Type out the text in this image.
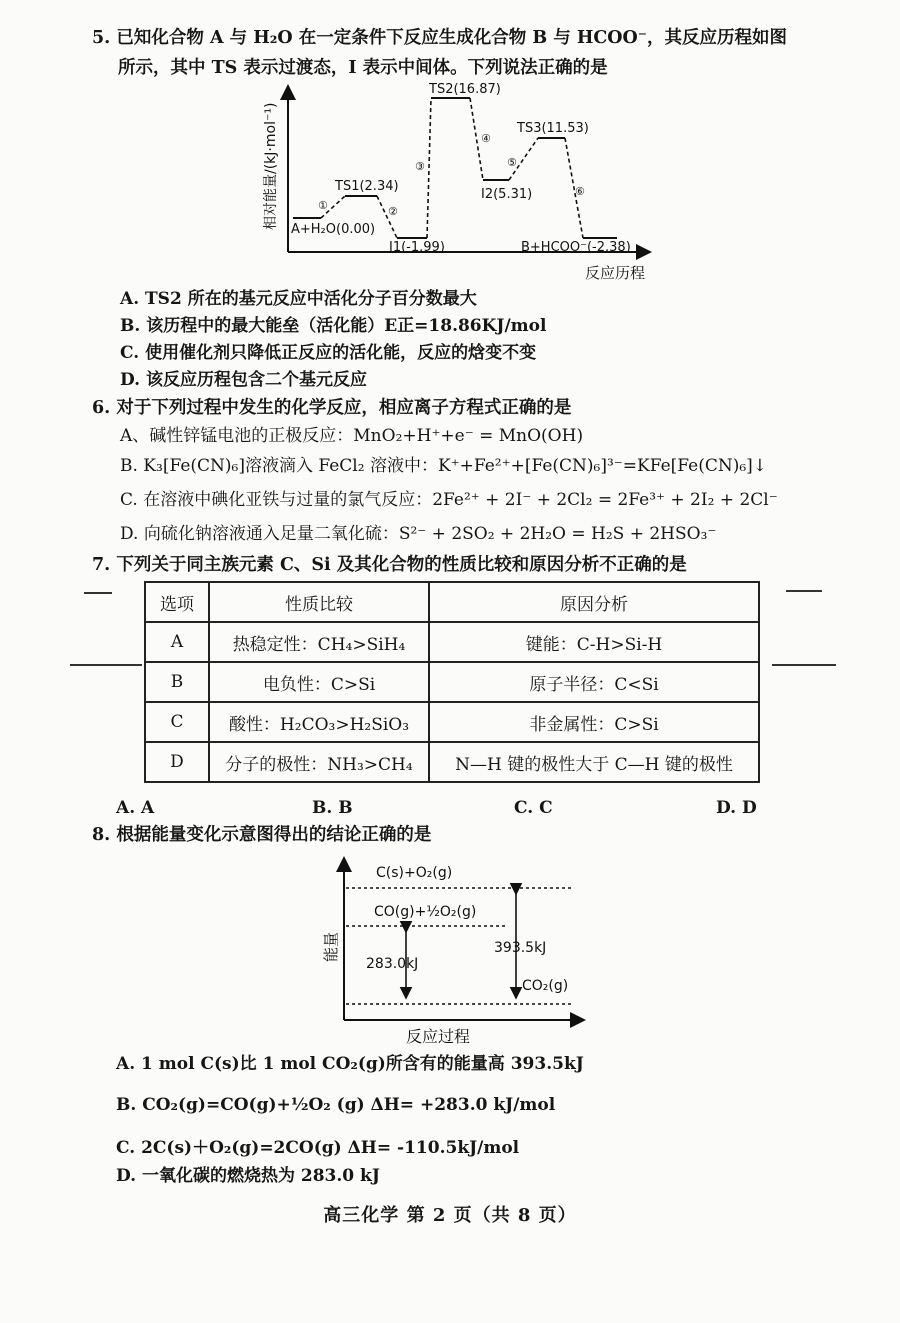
5. 已知化合物 A 与 H₂O 在一定条件下反应生成化合物 B 与 HCOO⁻，其反应历程如图
所示，其中 TS 表示过渡态，I 表示中间体。下列说法正确的是
相对能量/(kJ·mol⁻¹)
反应历程
A+H₂O(0.00)
TS1(2.34)
I1(-1.99)
TS2(16.87)
I2(5.31)
TS3(11.53)
B+HCOO⁻(-2.38)
①	②
③
④
⑤
⑥
A. TS2 所在的基元反应中活化分子百分数最大
B. 该历程中的最大能垒（活化能）E正=18.86KJ/mol
C. 使用催化剂只降低正反应的活化能，反应的焓变不变
D. 该反应历程包含二个基元反应
6. 对于下列过程中发生的化学反应，相应离子方程式正确的是
A、碱性锌锰电池的正极反应：MnO₂+H⁺+e⁻ = MnO(OH)
B. K₃[Fe(CN)₆]溶液滴入 FeCl₂ 溶液中：K⁺+Fe²⁺+[Fe(CN)₆]³⁻=KFe[Fe(CN)₆]↓
C. 在溶液中碘化亚铁与过量的氯气反应：2Fe²⁺ + 2I⁻ + 2Cl₂ = 2Fe³⁺ + 2I₂ + 2Cl⁻
D. 向硫化钠溶液通入足量二氧化硫：S²⁻ + 2SO₂ + 2H₂O = H₂S + 2HSO₃⁻
7. 下列关于同主族元素 C、Si 及其化合物的性质比较和原因分析不正确的是
选项	性质比较	原因分析
A	热稳定性：CH₄>SiH₄	键能：C-H>Si-H
B	电负性：C>Si	原子半径：C<Si
C	酸性：H₂CO₃>H₂SiO₃	非金属性：C>Si
D	分子的极性：NH₃>CH₄	N—H 键的极性大于 C—H 键的极性
A. A	B. B	C. C	D. D
8. 根据能量变化示意图得出的结论正确的是
能量
反应过程
C(s)+O₂(g)
CO(g)+½O₂(g)
CO₂(g)
283.0kJ
393.5kJ
A. 1 mol C(s)比 1 mol CO₂(g)所含有的能量高 393.5kJ
B. CO₂(g)=CO(g)+½O₂ (g) ΔH= +283.0 kJ/mol
C. 2C(s)＋O₂(g)=2CO(g) ΔH= -110.5kJ/mol
D. 一氧化碳的燃烧热为 283.0 kJ
高三化学 第 2 页（共 8 页）
